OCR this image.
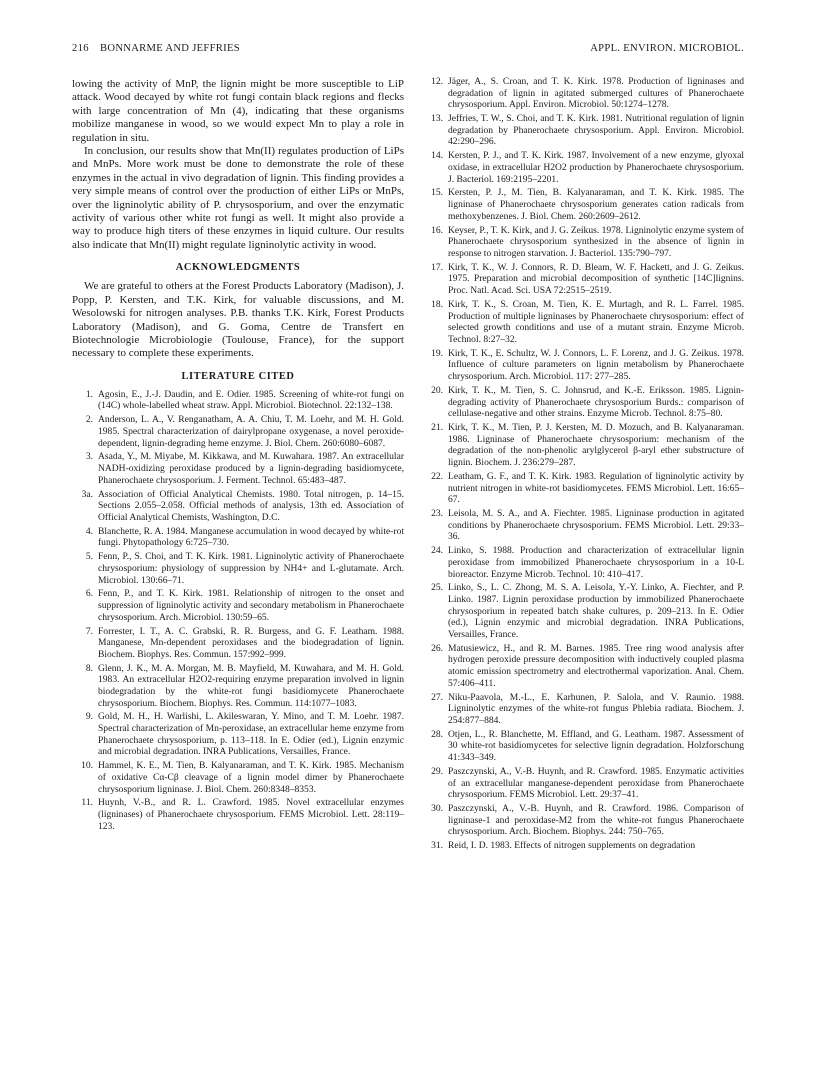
216 BONNARME AND JEFFRIES	APPL. ENVIRON. MICROBIOL.

lowing the activity of MnP, the lignin might be more susceptible to LiP attack. Wood decayed by white rot fungi contain black regions and flecks with large concentration of Mn (4), indicating that these organisms mobilize manganese in wood, so we would expect Mn to play a role in regulation in situ.

In conclusion, our results show that Mn(II) regulates production of LiPs and MnPs. More work must be done to demonstrate the role of these enzymes in the actual in vivo degradation of lignin. This finding provides a very simple means of control over the production of either LiPs or MnPs, over the ligninolytic ability of P. chrysosporium, and over the enzymatic activity of various other white rot fungi as well. It might also provide a way to produce high titers of these enzymes in liquid culture. Our results also indicate that Mn(II) might regulate ligninolytic activity in wood.

ACKNOWLEDGMENTS

We are grateful to others at the Forest Products Laboratory (Madison), J. Popp, P. Kersten, and T.K. Kirk, for valuable discussions, and M. Wesolowski for nitrogen analyses. P.B. thanks T.K. Kirk, Forest Products Laboratory (Madison), and G. Goma, Centre de Transfert en Biotechnologie Microbiologie (Toulouse, France), for the support necessary to complete these experiments.

LITERATURE CITED
1. Agosin, E., J.-J. Daudin, and E. Odier. 1985. Screening of white-rot fungi on (14C) whole-labelled wheat straw. Appl. Microbiol. Biotechnol. 22:132–138.
2. Anderson, L. A., V. Renganatham, A. A. Chiu, T. M. Loehr, and M. H. Gold. 1985. Spectral characterization of dairylpropane oxygenase, a novel peroxide-dependent, lignin-degrading heme enzyme. J. Biol. Chem. 260:6080–6087.
3. Asada, Y., M. Miyabe, M. Kikkawa, and M. Kuwahara. 1987. An extracellular NADH-oxidizing peroxidase produced by a lignin-degrading basidiomycete, Phanerochaete chrysosporium. J. Ferment. Technol. 65:483–487.
3a. Association of Official Analytical Chemists. 1980. Total nitrogen, p. 14–15. Sections 2.055–2.058. Official methods of analysis, 13th ed. Association of Official Analytical Chemists, Washington, D.C.
4. Blanchette, R. A. 1984. Manganese accumulation in wood decayed by white-rot fungi. Phytopathology 6:725–730.
5. Fenn, P., S. Choi, and T. K. Kirk. 1981. Ligninolytic activity of Phanerochaete chrysosporium: physiology of suppression by NH4+ and L-glutamate. Arch. Microbiol. 130:66–71.
6. Fenn, P., and T. K. Kirk. 1981. Relationship of nitrogen to the onset and suppression of ligninolytic activity and secondary metabolism in Phanerochaete chrysosporium. Arch. Microbiol. 130:59–65.
7. Forrester, I. T., A. C. Grabski, R. R. Burgess, and G. F. Leatham. 1988. Manganese, Mn-dependent peroxidases and the biodegradation of lignin. Biochem. Biophys. Res. Commun. 157:992–999.
8. Glenn, J. K., M. A. Morgan, M. B. Mayfield, M. Kuwahara, and M. H. Gold. 1983. An extracellular H2O2-requiring enzyme preparation involved in lignin biodegradation by the white-rot fungi basidiomycete Phanerochaete chrysosporium. Biochem. Biophys. Res. Commun. 114:1077–1083.
9. Gold, M. H., H. Warlishi, L. Akileswaran, Y. Mino, and T. M. Loehr. 1987. Spectral characterization of Mn-peroxidase, an extracellular heme enzyme from Phanerochaete chrysosporium, p. 113–118. In E. Odier (ed.), Lignin enzymic and microbial degradation. INRA Publications, Versailles, France.
10. Hammel, K. E., M. Tien, B. Kalyanaraman, and T. K. Kirk. 1985. Mechanism of oxidative Cα-Cβ cleavage of a lignin model dimer by Phanerochaete chrysosporium ligninase. J. Biol. Chem. 260:8348–8353.
11. Huynh, V.-B., and R. L. Crawford. 1985. Novel extracellular enzymes (ligninases) of Phanerochaete chrysosporium. FEMS Microbiol. Lett. 28:119–123.
12. Jäger, A., S. Croan, and T. K. Kirk. 1978. Production of ligninases and degradation of lignin in agitated submerged cultures of Phanerochaete chrysosporium. Appl. Environ. Microbiol. 50:1274–1278.
13. Jeffries, T. W., S. Choi, and T. K. Kirk. 1981. Nutritional regulation of lignin degradation by Phanerochaete chrysosporium. Appl. Environ. Microbiol. 42:290–296.
14. Kersten, P. J., and T. K. Kirk. 1987. Involvement of a new enzyme, glyoxal oxidase, in extracellular H2O2 production by Phanerochaete chrysosporium. J. Bacteriol. 169:2195–2201.
15. Kersten, P. J., M. Tien, B. Kalyanaraman, and T. K. Kirk. 1985. The ligninase of Phanerochaete chrysosporium generates cation radicals from methoxybenzenes. J. Biol. Chem. 260:2609–2612.
16. Keyser, P., T. K. Kirk, and J. G. Zeikus. 1978. Ligninolytic enzyme system of Phanerochaete chrysosporium synthesized in the absence of lignin in response to nitrogen starvation. J. Bacteriol. 135:790–797.
17. Kirk, T. K., W. J. Connors, R. D. Bleam, W. F. Hackett, and J. G. Zeikus. 1975. Preparation and microbial decomposition of synthetic [14C]lignins. Proc. Natl. Acad. Sci. USA 72:2515–2519.
18. Kirk, T. K., S. Croan, M. Tien, K. E. Murtagh, and R. L. Farrel. 1985. Production of multiple ligninases by Phanerochaete chrysosporium: effect of selected growth conditions and use of a mutant strain. Enzyme Microb. Technol. 8:27–32.
19. Kirk, T. K., E. Schultz, W. J. Connors, L. F. Lorenz, and J. G. Zeikus. 1978. Influence of culture parameters on lignin metabolism by Phanerochaete chrysosporium. Arch. Microbiol. 117: 277–285.
20. Kirk, T. K., M. Tien, S. C. Johnsrud, and K.-E. Eriksson. 1985. Lignin-degrading activity of Phanerochaete chrysosporium Burds.: comparison of cellulase-negative and other strains. Enzyme Microb. Technol. 8:75–80.
21. Kirk, T. K., M. Tien, P. J. Kersten, M. D. Mozuch, and B. Kalyanaraman. 1986. Ligninase of Phanerochaete chrysosporium: mechanism of the degradation of the non-phenolic arylglycerol β-aryl ether substructure of lignin. Biochem. J. 236:279–287.
22. Leatham, G. F., and T. K. Kirk. 1983. Regulation of ligninolytic activity by nutrient nitrogen in white-rot basidiomycetes. FEMS Microbiol. Lett. 16:65–67.
23. Leisola, M. S. A., and A. Fiechter. 1985. Ligninase production in agitated conditions by Phanerochaete chrysosporium. FEMS Microbiol. Lett. 29:33–36.
24. Linko, S. 1988. Production and characterization of extracellular lignin peroxidase from immobilized Phanerochaete chrysosporium in a 10-L bioreactor. Enzyme Microb. Technol. 10: 410–417.
25. Linko, S., L. C. Zhong, M. S. A. Leisola, Y.-Y. Linko, A. Fiechter, and P. Linko. 1987. Lignin peroxidase production by immobilized Phanerochaete chrysosporium in repeated batch shake cultures, p. 209–213. In E. Odier (ed.), Lignin enzymic and microbial degradation. INRA Publications, Versailles, France.
26. Matusiewicz, H., and R. M. Barnes. 1985. Tree ring wood analysis after hydrogen peroxide pressure decomposition with inductively coupled plasma atomic emission spectrometry and electrothermal vaporization. Anal. Chem. 57:406–411.
27. Niku-Paavola, M.-L., E. Karhunen, P. Salola, and V. Raunio. 1988. Ligninolytic enzymes of the white-rot fungus Phlebia radiata. Biochem. J. 254:877–884.
28. Otjen, L., R. Blanchette, M. Effland, and G. Leatham. 1987. Assessment of 30 white-rot basidiomycetes for selective lignin degradation. Holzforschung 41:343–349.
29. Paszczynski, A., V.-B. Huynh, and R. Crawford. 1985. Enzymatic activities of an extracellular manganese-dependent peroxidase from Phanerochaete chrysosporium. FEMS Microbiol. Lett. 29:37–41.
30. Paszczynski, A., V.-B. Huynh, and R. Crawford. 1986. Comparison of ligninase-1 and peroxidase-M2 from the white-rot fungus Phanerochaete chrysosporium. Arch. Biochem. Biophys. 244: 750–765.
31. Reid, I. D. 1983. Effects of nitrogen supplements on degradation
